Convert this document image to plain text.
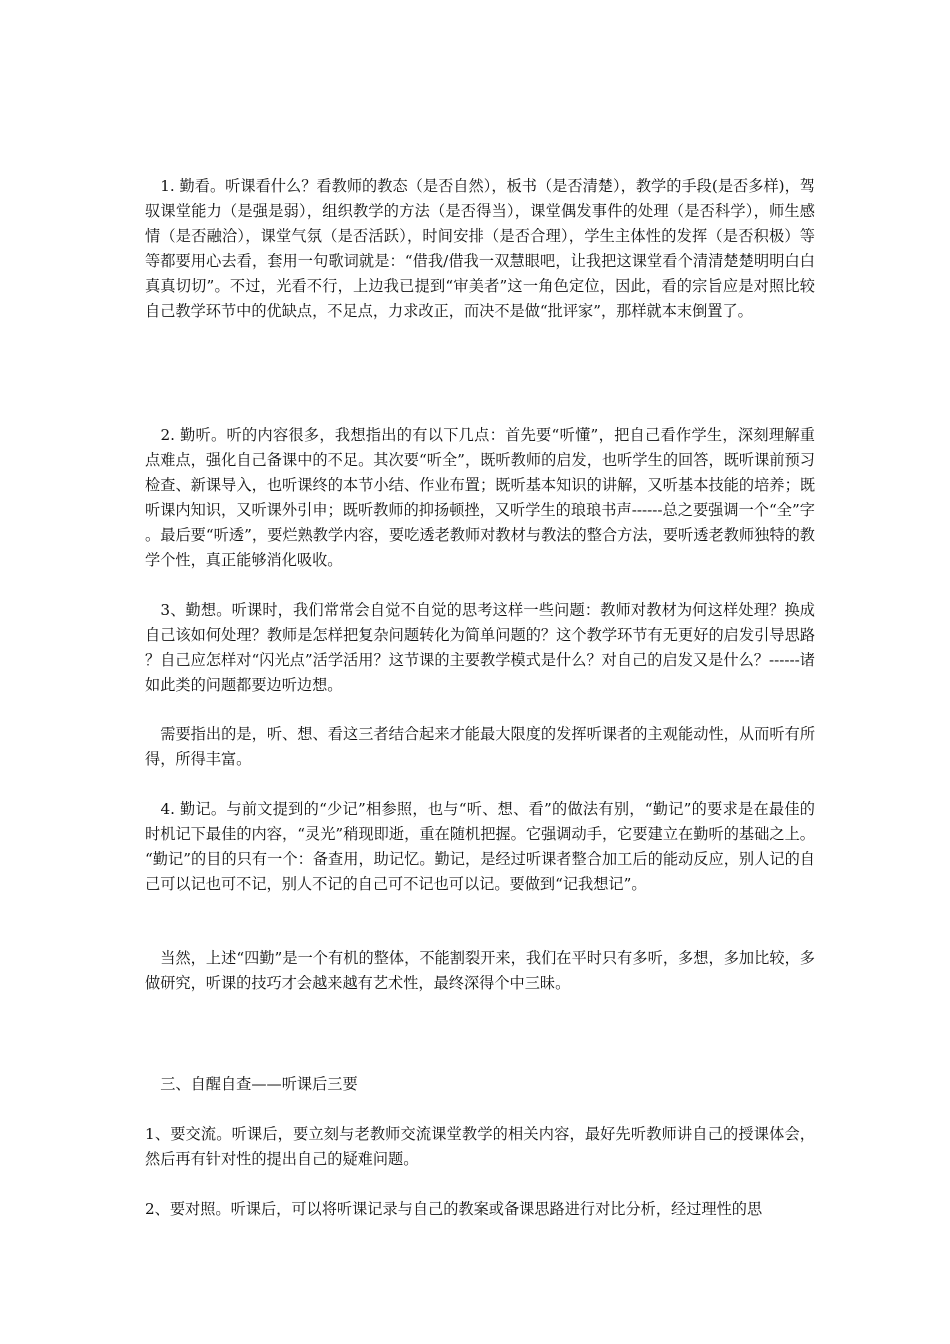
　1. 勤看。听课看什么？看教师的教态（是否自然），板书（是否清楚），教学的手段(是否多样)，驾驭课堂能力（是强是弱），组织教学的方法（是否得当），课堂偶发事件的处理（是否科学），师生感情（是否融洽），课堂气氛（是否活跃），时间安排（是否合理），学生主体性的发挥（是否积极）等等都要用心去看，套用一句歌词就是：“借我/借我一双慧眼吧，让我把这课堂看个清清楚楚明明白白真真切切”。不过，光看不行，上边我已提到“审美者”这一角色定位，因此，看的宗旨应是对照比较自己教学环节中的优缺点，不足点，力求改正，而决不是做“批评家”，那样就本末倒置了。

　2. 勤听。听的内容很多，我想指出的有以下几点：首先要“听懂”，把自己看作学生，深刻理解重点难点，强化自己备课中的不足。其次要“听全”，既听教师的启发，也听学生的回答，既听课前预习检查、新课导入，也听课终的本节小结、作业布置；既听基本知识的讲解，又听基本技能的培养；既听课内知识，又听课外引申；既听教师的抑扬顿挫，又听学生的琅琅书声------总之要强调一个“全”字。最后要“听透”，要烂熟教学内容，要吃透老教师对教材与教法的整合方法，要听透老教师独特的教学个性，真正能够消化吸收。

　3、勤想。听课时，我们常常会自觉不自觉的思考这样一些问题：教师对教材为何这样处理？换成自己该如何处理？教师是怎样把复杂问题转化为简单问题的？这个教学环节有无更好的启发引导思路？自己应怎样对“闪光点”活学活用？这节课的主要教学模式是什么？对自己的启发又是什么？------诸如此类的问题都要边听边想。

　需要指出的是，听、想、看这三者结合起来才能最大限度的发挥听课者的主观能动性，从而听有所得，所得丰富。

　4. 勤记。与前文提到的“少记”相参照，也与“听、想、看”的做法有别，“勤记”的要求是在最佳的时机记下最佳的内容，“灵光”稍现即逝，重在随机把握。它强调动手，它要建立在勤听的基础之上。“勤记”的目的只有一个：备查用，助记忆。勤记，是经过听课者整合加工后的能动反应，别人记的自己可以记也可不记，别人不记的自己可不记也可以记。要做到“记我想记”。

　当然，上述“四勤”是一个有机的整体，不能割裂开来，我们在平时只有多听，多想，多加比较，多做研究，听课的技巧才会越来越有艺术性，最终深得个中三昧。

　三、自醒自查——听课后三要

1、要交流。听课后，要立刻与老教师交流课堂教学的相关内容，最好先听教师讲自己的授课体会，然后再有针对性的提出自己的疑难问题。

2、要对照。听课后，可以将听课记录与自己的教案或备课思路进行对比分析，经过理性的思
